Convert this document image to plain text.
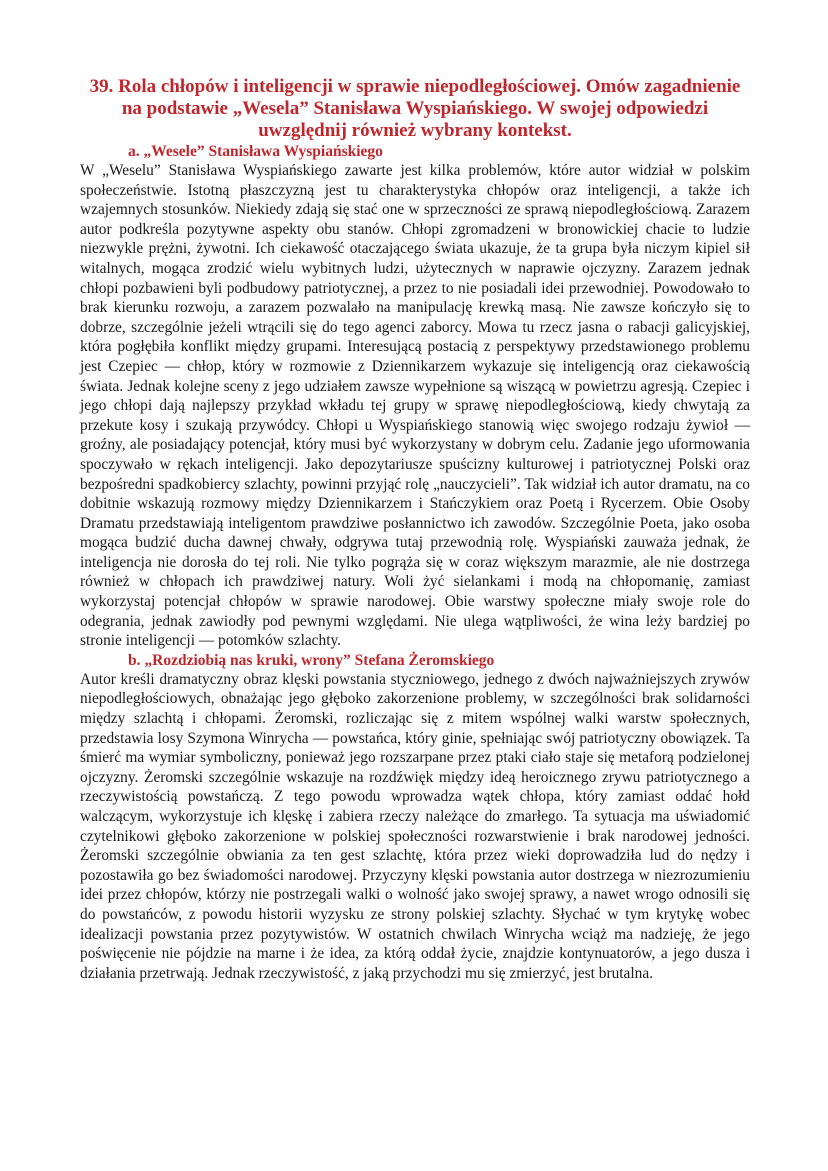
39. Rola chłopów i inteligencji w sprawie niepodległościowej. Omów zagadnienie na podstawie „Wesela” Stanisława Wyspiańskiego. W swojej odpowiedzi uwzględnij również wybrany kontekst.
a. „Wesele” Stanisława Wyspiańskiego

W „Weselu” Stanisława Wyspiańskiego zawarte jest kilka problemów, które autor widział w polskim społeczeństwie. Istotną płaszczyzną jest tu charakterystyka chłopów oraz inteligencji, a także ich wzajemnych stosunków. Niekiedy zdają się stać one w sprzeczności ze sprawą niepodległościową. Zarazem autor podkreśla pozytywne aspekty obu stanów. Chłopi zgromadzeni w bronowickiej chacie to ludzie niezwykle prężni, żywotni. Ich ciekawość otaczającego świata ukazuje, że ta grupa była niczym kipiel sił witalnych, mogąca zrodzić wielu wybitnych ludzi, użytecznych w naprawie ojczyzny. Zarazem jednak chłopi pozbawieni byli podbudowy patriotycznej, a przez to nie posiadali idei przewodniej. Powodowało to brak kierunku rozwoju, a zarazem pozwalało na manipulację krewką masą. Nie zawsze kończyło się to dobrze, szczególnie jeżeli wtrącili się do tego agenci zaborcy. Mowa tu rzecz jasna o rabacji galicyjskiej, która pogłębiła konflikt między grupami. Interesującą postacią z perspektywy przedstawionego problemu jest Czepiec — chłop, który w rozmowie z Dziennikarzem wykazuje się inteligencją oraz ciekawością świata. Jednak kolejne sceny z jego udziałem zawsze wypełnione są wiszącą w powietrzu agresją. Czepiec i jego chłopi dają najlepszy przykład wkładu tej grupy w sprawę niepodległościową, kiedy chwytają za przekute kosy i szukają przywódcy. Chłopi u Wyspiańskiego stanowią więc swojego rodzaju żywioł — groźny, ale posiadający potencjał, który musi być wykorzystany w dobrym celu. Zadanie jego uformowania spoczywało w rękach inteligencji. Jako depozytariusze spuścizny kulturowej i patriotycznej Polski oraz bezpośredni spadkobiercy szlachty, powinni przyjąć rolę „nauczycieli”. Tak widział ich autor dramatu, na co dobitnie wskazują rozmowy między Dziennikarzem i Stańczykiem oraz Poetą i Rycerzem. Obie Osoby Dramatu przedstawiają inteligentom prawdziwe posłannictwo ich zawodów. Szczególnie Poeta, jako osoba mogąca budzić ducha dawnej chwały, odgrywa tutaj przewodnią rolę. Wyspiański zauważa jednak, że inteligencja nie dorosła do tej roli. Nie tylko pogrąża się w coraz większym marazmie, ale nie dostrzega również w chłopach ich prawdziwej natury. Woli żyć sielankami i modą na chłopomanię, zamiast wykorzystaj potencjał chłopów w sprawie narodowej. Obie warstwy społeczne miały swoje role do odegrania, jednak zawiodły pod pewnymi względami. Nie ulega wątpliwości, że wina leży bardziej po stronie inteligencji — potomków szlachty.

b. „Rozdziobią nas kruki, wrony” Stefana Żeromskiego

Autor kreśli dramatyczny obraz klęski powstania styczniowego, jednego z dwóch najważniejszych zrywów niepodległościowych, obnażając jego głęboko zakorzenione problemy, w szczególności brak solidarności między szlachtą i chłopami. Żeromski, rozliczając się z mitem wspólnej walki warstw społecznych, przedstawia losy Szymona Winrycha — powstańca, który ginie, spełniając swój patriotyczny obowiązek. Ta śmierć ma wymiar symboliczny, ponieważ jego rozszarpane przez ptaki ciało staje się metaforą podzielonej ojczyzny. Żeromski szczególnie wskazuje na rozdźwięk między ideą heroicznego zrywu patriotycznego a rzeczywistością powstańczą. Z tego powodu wprowadza wątek chłopa, który zamiast oddać hołd walczącym, wykorzystuje ich klęskę i zabiera rzeczy należące do zmarłego. Ta sytuacja ma uświadomić czytelnikowi głęboko zakorzenione w polskiej społeczności rozwarstwienie i brak narodowej jedności. Żeromski szczególnie obwiania za ten gest szlachtę, która przez wieki doprowadziła lud do nędzy i pozostawiła go bez świadomości narodowej. Przyczyny klęski powstania autor dostrzega w niezrozumieniu idei przez chłopów, którzy nie postrzegali walki o wolność jako swojej sprawy, a nawet wrogo odnosili się do powstańców, z powodu historii wyzysku ze strony polskiej szlachty. Słychać w tym krytykę wobec idealizacji powstania przez pozytywistów. W ostatnich chwilach Winrycha wciąż ma nadzieję, że jego poświęcenie nie pójdzie na marne i że idea, za którą oddał życie, znajdzie kontynuatorów, a jego dusza i działania przetrwają. Jednak rzeczywistość, z jaką przychodzi mu się zmierzyć, jest brutalna.
